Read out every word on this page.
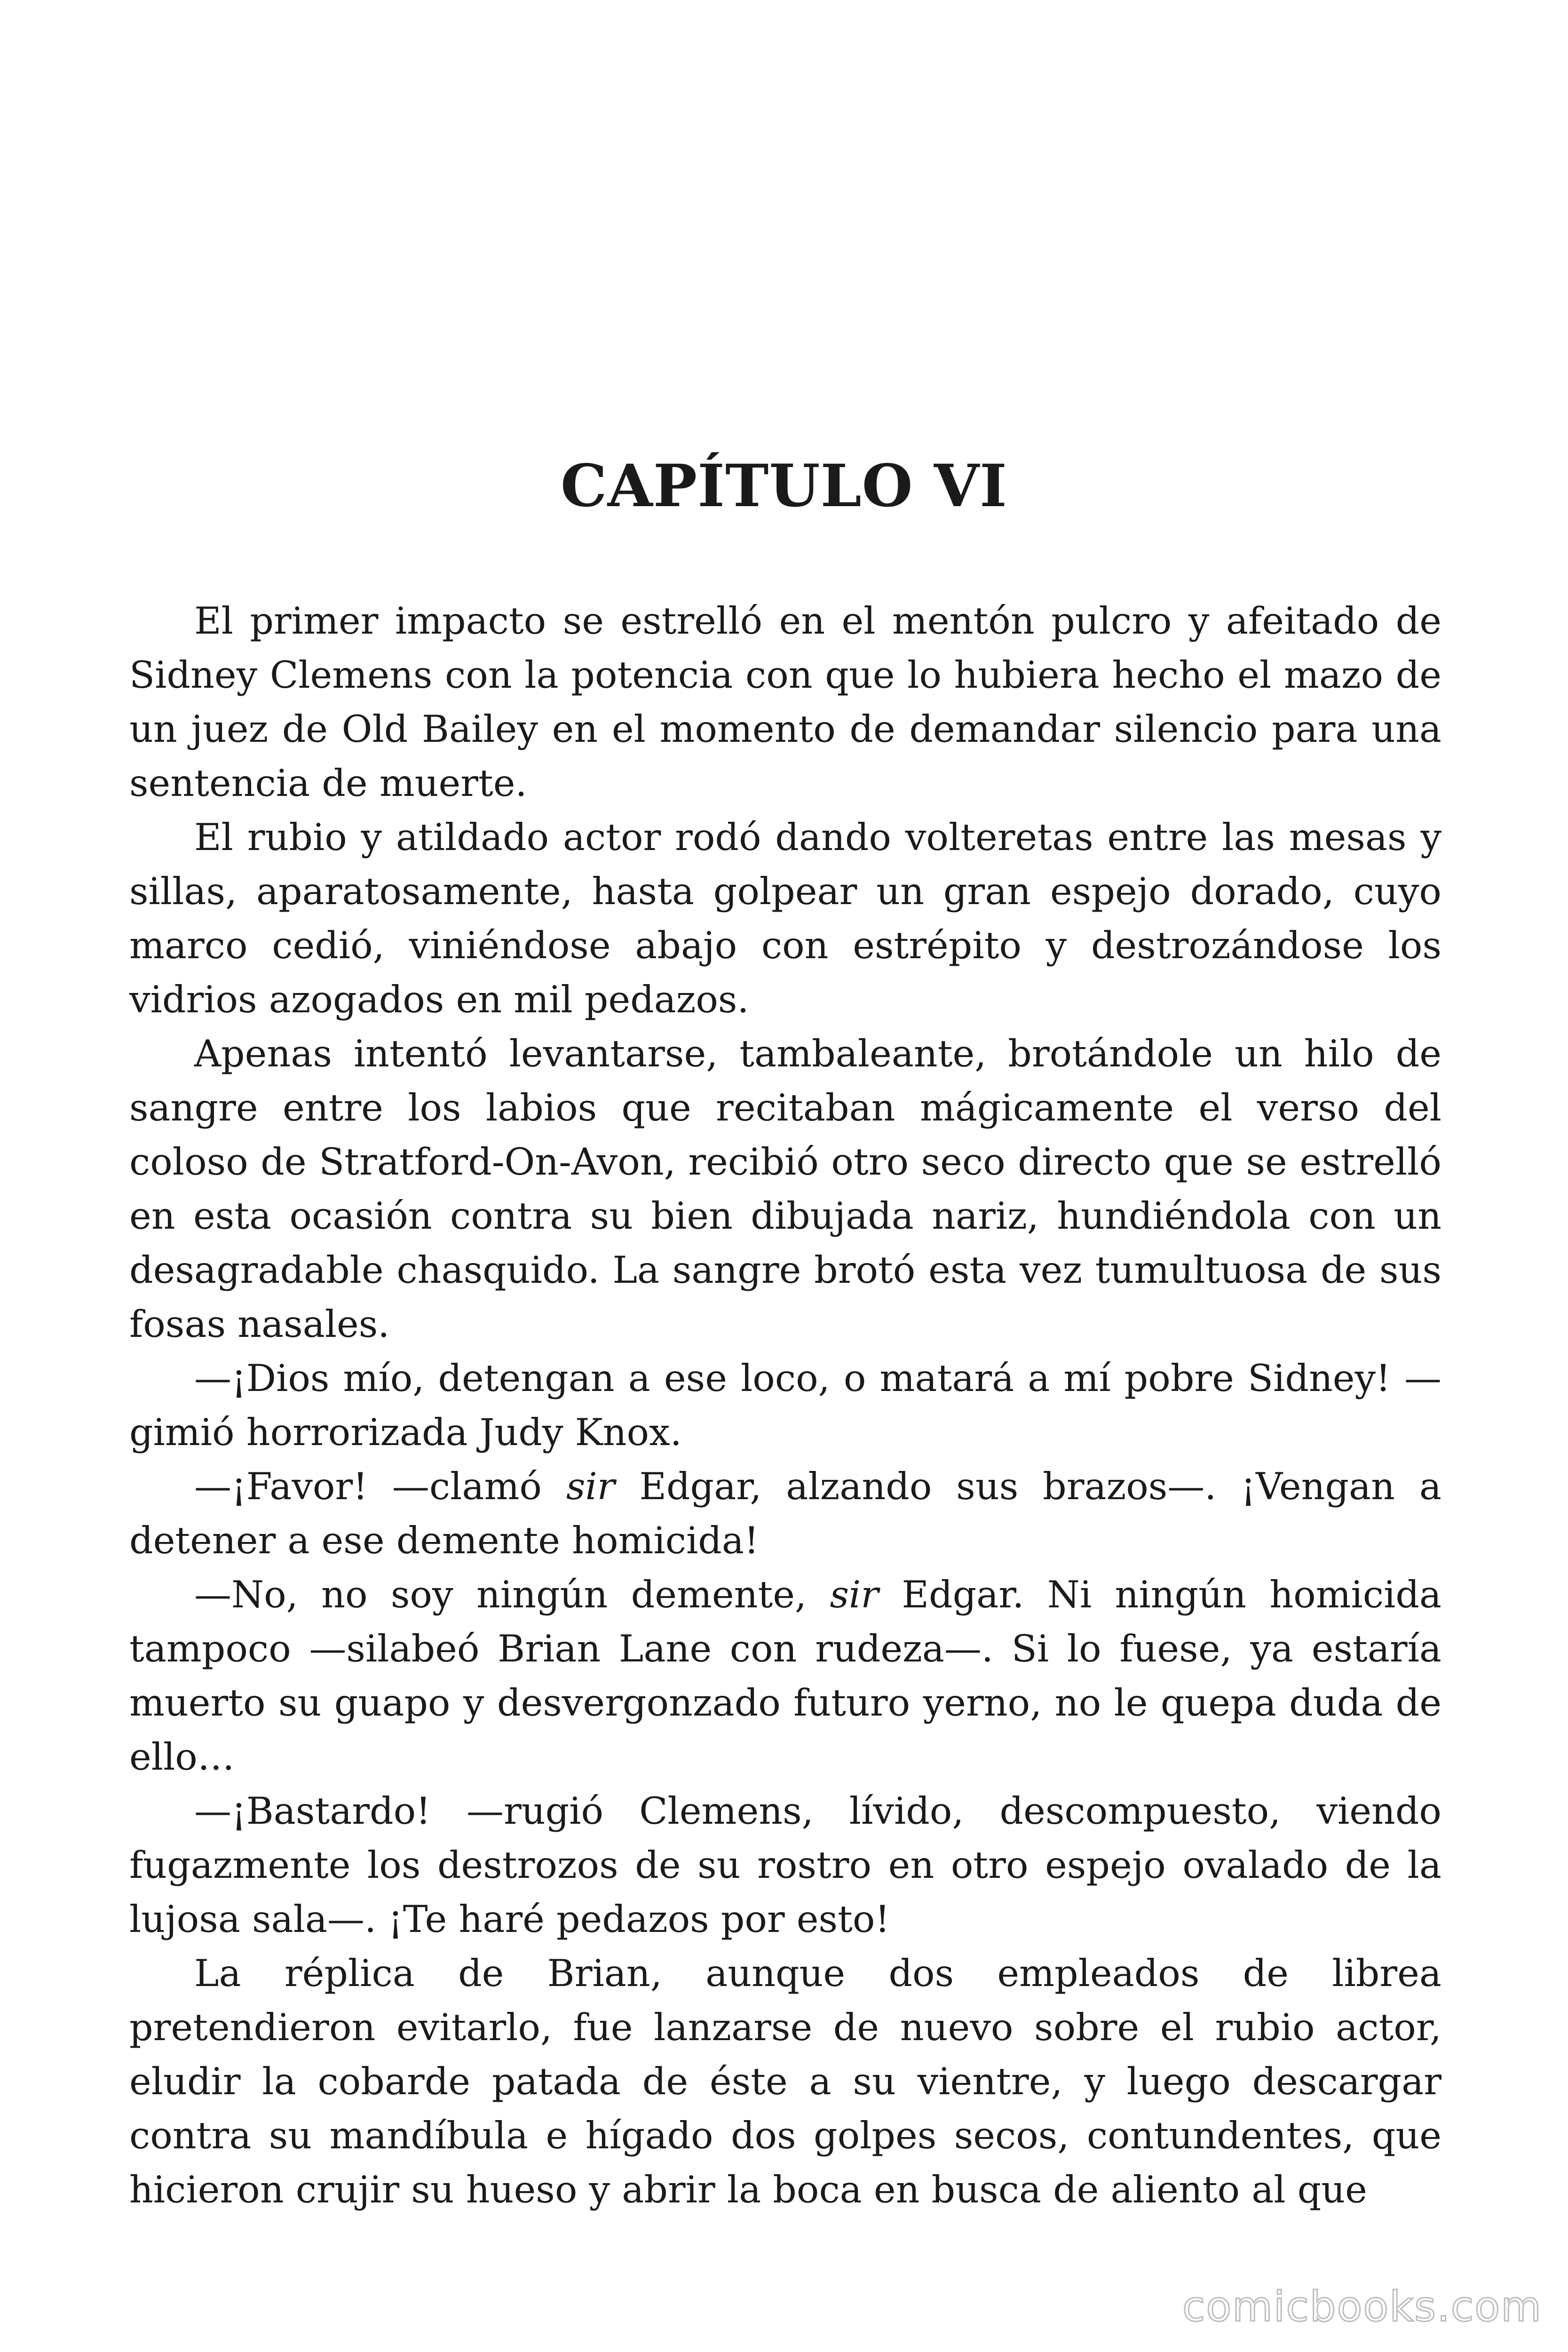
CAPÍTULO VI

El primer impacto se estrelló en el mentón pulcro y afeitado de Sidney Clemens con la potencia con que lo hubiera hecho el mazo de un juez de Old Bailey en el momento de demandar silencio para una sentencia de muerte.

El rubio y atildado actor rodó dando volteretas entre las mesas y sillas, aparatosamente, hasta golpear un gran espejo dorado, cuyo marco cedió, viniéndose abajo con estrépito y destrozándose los vidrios azogados en mil pedazos.

Apenas intentó levantarse, tambaleante, brotándole un hilo de sangre entre los labios que recitaban mágicamente el verso del coloso de Stratford-On-Avon, recibió otro seco directo que se estrelló en esta ocasión contra su bien dibujada nariz, hundiéndola con un desagradable chasquido. La sangre brotó esta vez tumultuosa de sus fosas nasales.

—¡Dios mío, detengan a ese loco, o matará a mí pobre Sidney! —gimió horrorizada Judy Knox.

—¡Favor! —clamó sir Edgar, alzando sus brazos—. ¡Vengan a detener a ese demente homicida!

—No, no soy ningún demente, sir Edgar. Ni ningún homicida tampoco —silabeó Brian Lane con rudeza—. Si lo fuese, ya estaría muerto su guapo y desvergonzado futuro yerno, no le quepa duda de ello…

—¡Bastardo! —rugió Clemens, lívido, descompuesto, viendo fugazmente los destrozos de su rostro en otro espejo ovalado de la lujosa sala—. ¡Te haré pedazos por esto!

La réplica de Brian, aunque dos empleados de librea pretendieron evitarlo, fue lanzarse de nuevo sobre el rubio actor, eludir la cobarde patada de éste a su vientre, y luego descargar contra su mandíbula e hígado dos golpes secos, contundentes, que hicieron crujir su hueso y abrir la boca en busca de aliento al que

comicbooks.com
